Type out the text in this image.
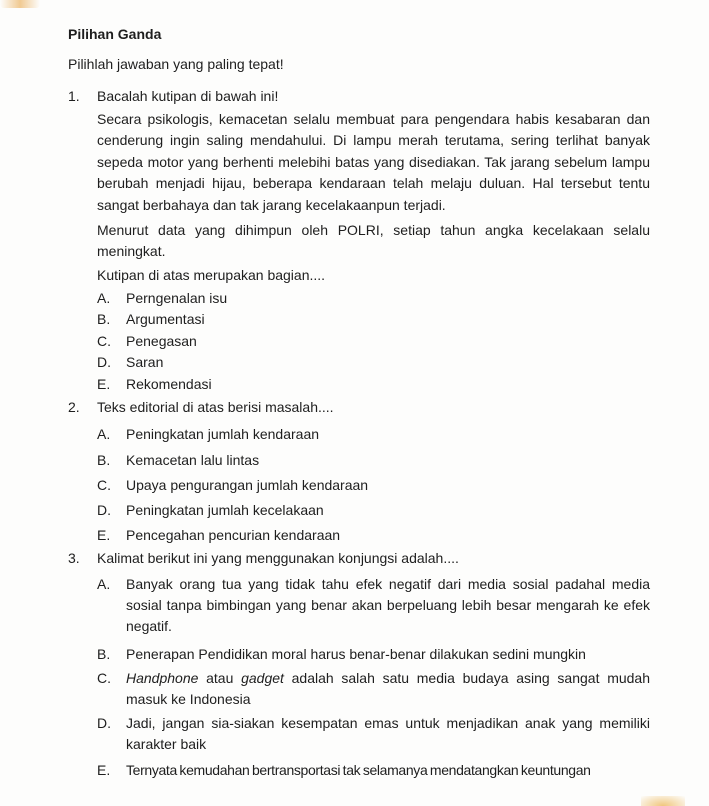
Pilihan Ganda
Pilihlah jawaban yang paling tepat!
1. Bacalah kutipan di bawah ini!

Secara psikologis, kemacetan selalu membuat para pengendara habis kesabaran dan cenderung ingin saling mendahului. Di lampu merah terutama, sering terlihat banyak sepeda motor yang berhenti melebihi batas yang disediakan. Tak jarang sebelum lampu berubah menjadi hijau, beberapa kendaraan telah melaju duluan. Hal tersebut tentu sangat berbahaya dan tak jarang kecelakaanpun terjadi.

Menurut data yang dihimpun oleh POLRI, setiap tahun angka kecelakaan selalu meningkat.

Kutipan di atas merupakan bagian....
A. Perngenalan isu
B. Argumentasi
C. Penegasan
D. Saran
E. Rekomendasi
2. Teks editorial di atas berisi masalah....
A. Peningkatan jumlah kendaraan
B. Kemacetan lalu lintas
C. Upaya pengurangan jumlah kendaraan
D. Peningkatan jumlah kecelakaan
E. Pencegahan pencurian kendaraan
3. Kalimat berikut ini yang menggunakan konjungsi adalah....
A. Banyak orang tua yang tidak tahu efek negatif dari media sosial padahal media sosial tanpa bimbingan yang benar akan berpeluang lebih besar mengarah ke efek negatif.
B. Penerapan Pendidikan moral harus benar-benar dilakukan sedini mungkin
C. Handphone atau gadget adalah salah satu media budaya asing sangat mudah masuk ke Indonesia
D. Jadi, jangan sia-siakan kesempatan emas untuk menjadikan anak yang memiliki karakter baik
E. Ternyata kemudahan bertransportasi tak selamanya mendatangkan keuntungan
